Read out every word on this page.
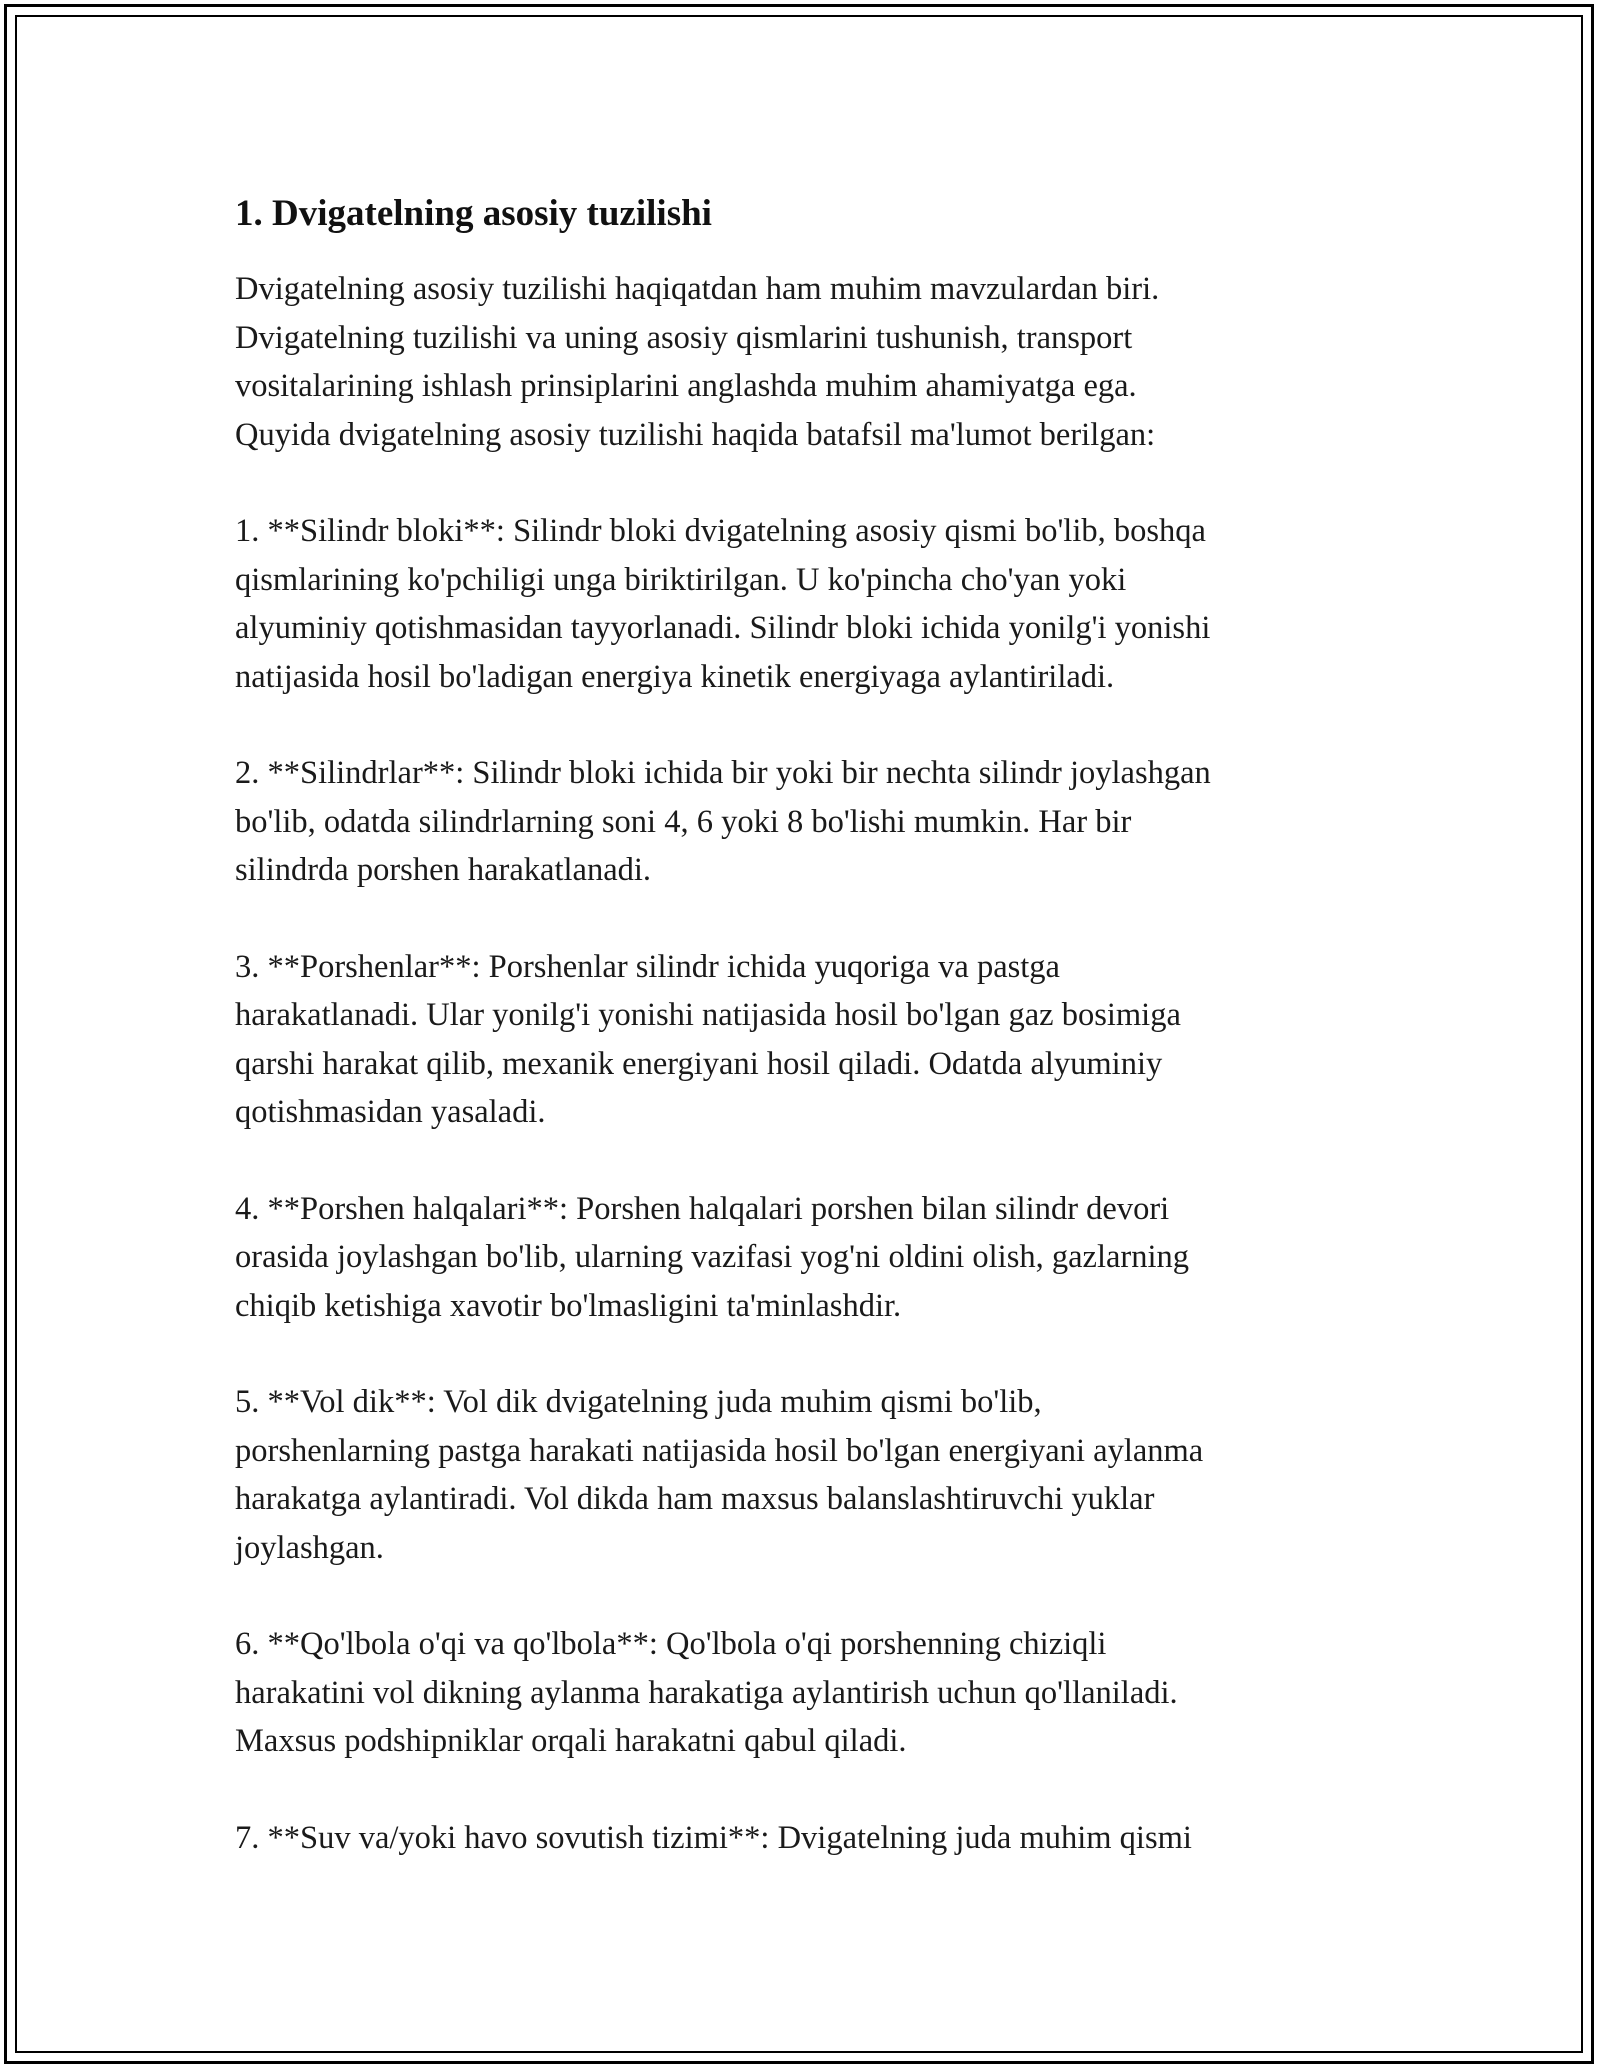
1. Dvigatelning asosiy tuzilishi

Dvigatelning asosiy tuzilishi haqiqatdan ham muhim mavzulardan biri.
Dvigatelning tuzilishi va uning asosiy qismlarini tushunish, transport
vositalarining ishlash prinsiplarini anglashda muhim ahamiyatga ega.
Quyida dvigatelning asosiy tuzilishi haqida batafsil ma'lumot berilgan:

1. **Silindr bloki**: Silindr bloki dvigatelning asosiy qismi bo'lib, boshqa
qismlarining ko'pchiligi unga biriktirilgan. U ko'pincha cho'yan yoki
alyuminiy qotishmasidan tayyorlanadi. Silindr bloki ichida yonilg'i yonishi
natijasida hosil bo'ladigan energiya kinetik energiyaga aylantiriladi.

2. **Silindrlar**: Silindr bloki ichida bir yoki bir nechta silindr joylashgan
bo'lib, odatda silindrlarning soni 4, 6 yoki 8 bo'lishi mumkin. Har bir
silindrda porshen harakatlanadi.

3. **Porshenlar**: Porshenlar silindr ichida yuqoriga va pastga
harakatlanadi. Ular yonilg'i yonishi natijasida hosil bo'lgan gaz bosimiga
qarshi harakat qilib, mexanik energiyani hosil qiladi. Odatda alyuminiy
qotishmasidan yasaladi.

4. **Porshen halqalari**: Porshen halqalari porshen bilan silindr devori
orasida joylashgan bo'lib, ularning vazifasi yog'ni oldini olish, gazlarning
chiqib ketishiga xavotir bo'lmasligini ta'minlashdir.

5. **Vol dik**: Vol dik dvigatelning juda muhim qismi bo'lib,
porshenlarning pastga harakati natijasida hosil bo'lgan energiyani aylanma
harakatga aylantiradi. Vol dikda ham maxsus balanslashtiruvchi yuklar
joylashgan.

6. **Qo'lbola o'qi va qo'lbola**: Qo'lbola o'qi porshenning chiziqli
harakatini vol dikning aylanma harakatiga aylantirish uchun qo'llaniladi.
Maxsus podshipniklar orqali harakatni qabul qiladi.

7. **Suv va/yoki havo sovutish tizimi**: Dvigatelning juda muhim qismi
